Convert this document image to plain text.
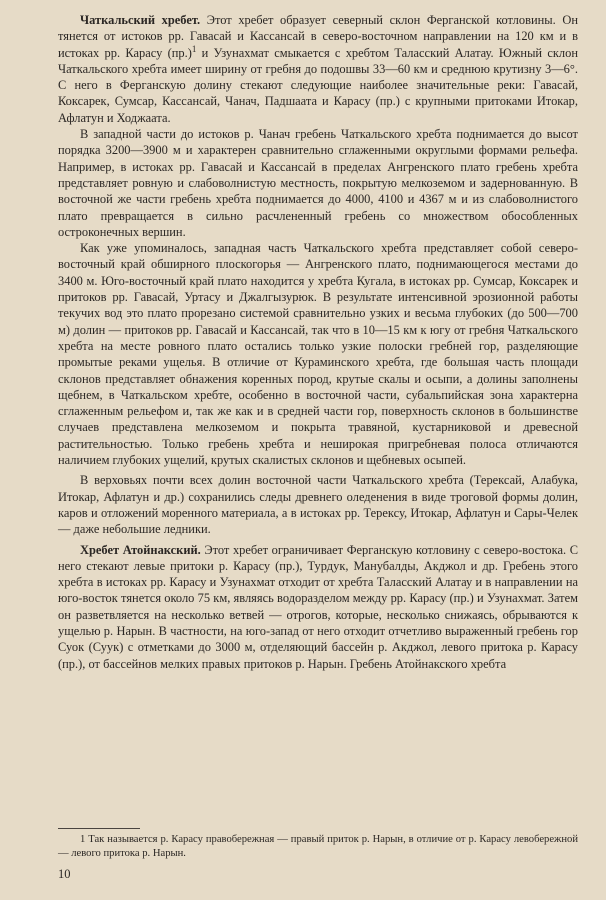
Чаткальский хребет. Этот хребет образует северный склон Ферганской котловины. Он тянется от истоков рр. Гавасай и Кассансай в северо-восточном направлении на 120 км и в истоках рр. Карасу (пр.)$^1$ и Узунахмат смыкается с хребтом Таласский Алатау. Южный склон Чаткальского хребта имеет ширину от гребня до подошвы 33—60 км и среднюю крутизну 3—6°. С него в Ферганскую долину стекают следующие наиболее значительные реки: Гавасай, Коксарек, Сумсар, Кассансай, Чанач, Падшаата и Карасу (пр.) с крупными притоками Итокар, Афлатун и Ходжаата.

В западной части до истоков р. Чанач гребень Чаткальского хребта поднимается до высот порядка 3200—3900 м и характерен сравнительно сглаженными округлыми формами рельефа. Например, в истоках рр. Гавасай и Кассансай в пределах Ангренского плато гребень хребта представляет ровную и слабоволнистую местность, покрытую мелкоземом и задернованную. В восточной же части гребень хребта поднимается до 4000, 4100 и 4367 м и из слабоволнистого плато превращается в сильно расчлененный гребень со множеством обособленных остроконечных вершин.

Как уже упоминалось, западная часть Чаткальского хребта представляет собой северо-восточный край обширного плоскогорья — Ангренского плато, поднимающегося местами до 3400 м. Юго-восточный край плато находится у хребта Кугала, в истоках рр. Сумсар, Коксарек и притоков рр. Гавасай, Уртасу и Джалгызурюк. В результате интенсивной эрозионной работы текучих вод это плато прорезано системой сравнительно узких и весьма глубоких (до 500—700 м) долин — притоков рр. Гавасай и Кассансай, так что в 10—15 км к югу от гребня Чаткальского хребта на месте ровного плато остались только узкие полоски гребней гор, разделяющие промытые реками ущелья. В отличие от Кураминского хребта, где большая часть площади склонов представляет обнажения коренных пород, крутые скалы и осыпи, а долины заполнены щебнем, в Чаткальском хребте, особенно в восточной части, субальпийская зона характерна сглаженным рельефом и, так же как и в средней части гор, поверхность склонов в большинстве случаев представлена мелкоземом и покрыта травяной, кустарниковой и древесной растительностью. Только гребень хребта и неширокая пригребневая полоса отличаются наличием глубоких ущелий, крутых скалистых склонов и щебневых осыпей.

В верховьях почти всех долин восточной части Чаткальского хребта (Терексай, Алабука, Итокар, Афлатун и др.) сохранились следы древнего оледенения в виде троговой формы долин, каров и отложений моренного материала, а в истоках рр. Терексу, Итокар, Афлатун и Сары-Челек — даже небольшие ледники.

Хребет Атойнакский. Этот хребет ограничивает Ферганскую котловину с северо-востока. С него стекают левые притоки р. Карасу (пр.), Турдук, Манубалды, Акджол и др. Гребень этого хребта в истоках рр. Карасу и Узунахмат отходит от хребта Таласский Алатау и в направлении на юго-восток тянется около 75 км, являясь водоразделом между рр. Карасу (пр.) и Узунахмат. Затем он разветвляется на несколько ветвей — отрогов, которые, несколько снижаясь, обрываются к ущелью р. Нарын. В частности, на юго-запад от него отходит отчетливо выраженный гребень гор Суок (Суук) с отметками до 3000 м, отделяющий бассейн р. Акджол, левого притока р. Карасу (пр.), от бассейнов мелких правых притоков р. Нарын. Гребень Атойнакского хребта

1 Так называется р. Карасу правобережная — правый приток р. Нарын, в отличие от р. Карасу левобережной — левого притока р. Нарын.

10
